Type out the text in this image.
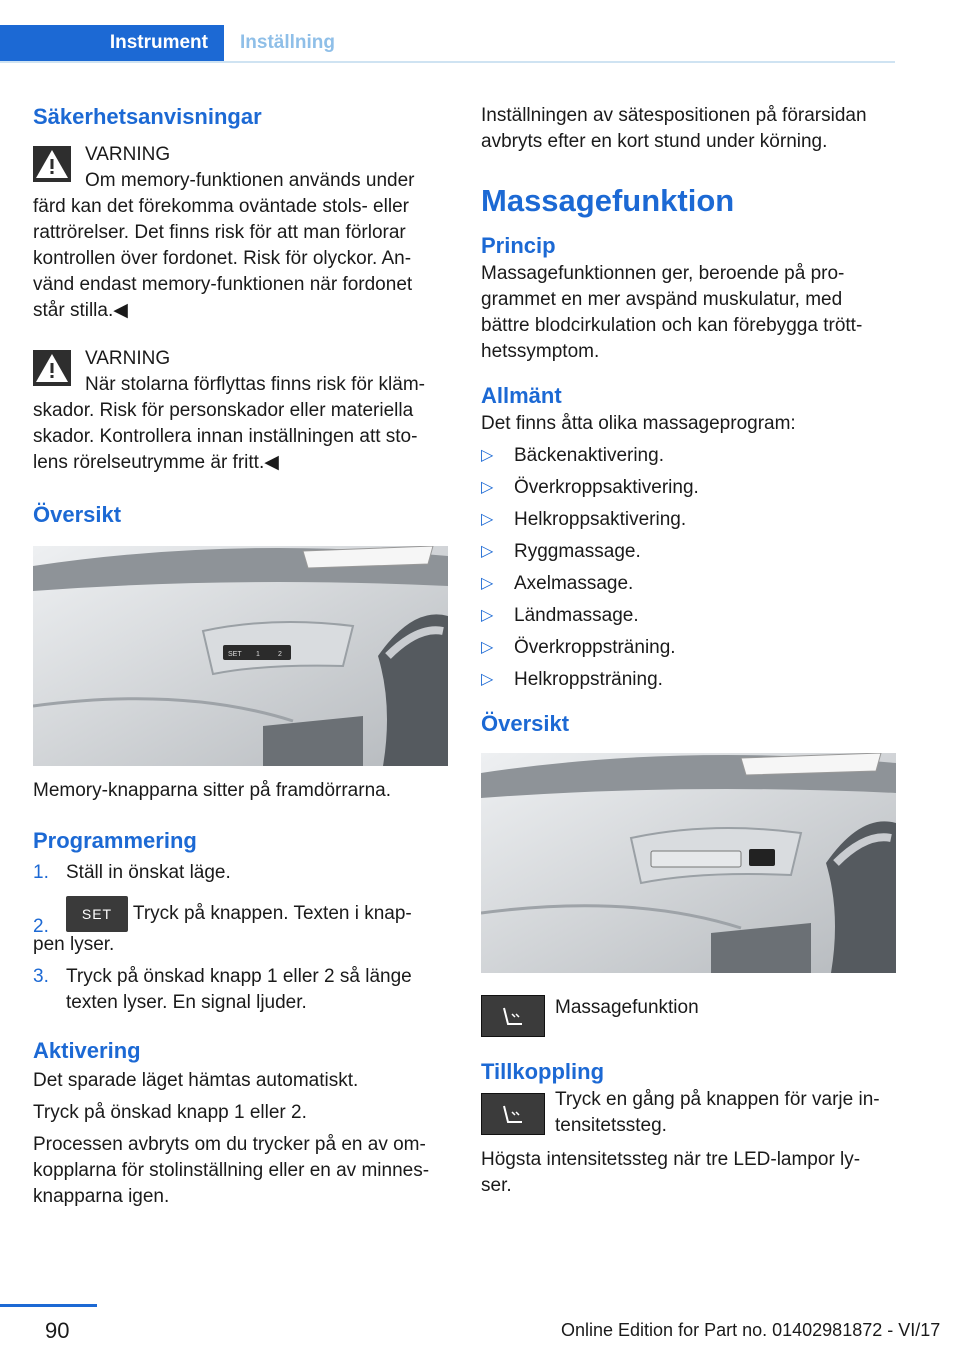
Instrument	Inställning

Säkerhetsanvisningar

VARNING

Om memory-funktionen används under

färd kan det förekomma oväntade stols- eller

rattrörelser. Det finns risk för att man förlorar

kontrollen över fordonet. Risk för olyckor. An‐

vänd endast memory-funktionen när fordonet

står stilla.◀

VARNING

När stolarna förflyttas finns risk för kläm‐

skador. Risk för personskador eller materiella

skador. Kontrollera innan inställningen att sto‐

lens rörelseutrymme är fritt.◀

Översikt

SET 1	2

Memory-knapparna sitter på framdörrarna.

Programmering

1. Ställ in önskat läge.
2.
SET Tryck på knappen. Texten i knap‐
pen lyser.
3. Tryck på önskad knapp 1 eller 2 så länge
texten lyser. En signal ljuder.

Aktivering

Det sparade läget hämtas automatiskt.

Tryck på önskad knapp 1 eller 2.

Processen avbryts om du trycker på en av om‐

kopplarna för stolinställning eller en av minnes‐

knapparna igen.

Inställningen av sätespositionen på förarsidan

avbryts efter en kort stund under körning.

Massagefunktion

Princip

Massagefunktionnen ger, beroende på pro‐

grammet en mer avspänd muskulatur, med

bättre blodcirkulation och kan förebygga trött‐

hetssymptom.

Allmänt

Det finns åtta olika massageprogram:

▷ Bäckenaktivering.
▷ Överkroppsaktivering.
▷ Helkroppsaktivering.
▷ Ryggmassage.
▷ Axelmassage.
▷ Ländmassage.
▷ Överkroppsträning.
▷ Helkroppsträning.

Översikt

Massagefunktion

Tillkoppling

Tryck en gång på knappen för varje in‐

tensitetssteg.

Högsta intensitetssteg när tre LED-lampor ly‐

ser.

90	Online Edition for Part no. 01402981872 - VI/17
